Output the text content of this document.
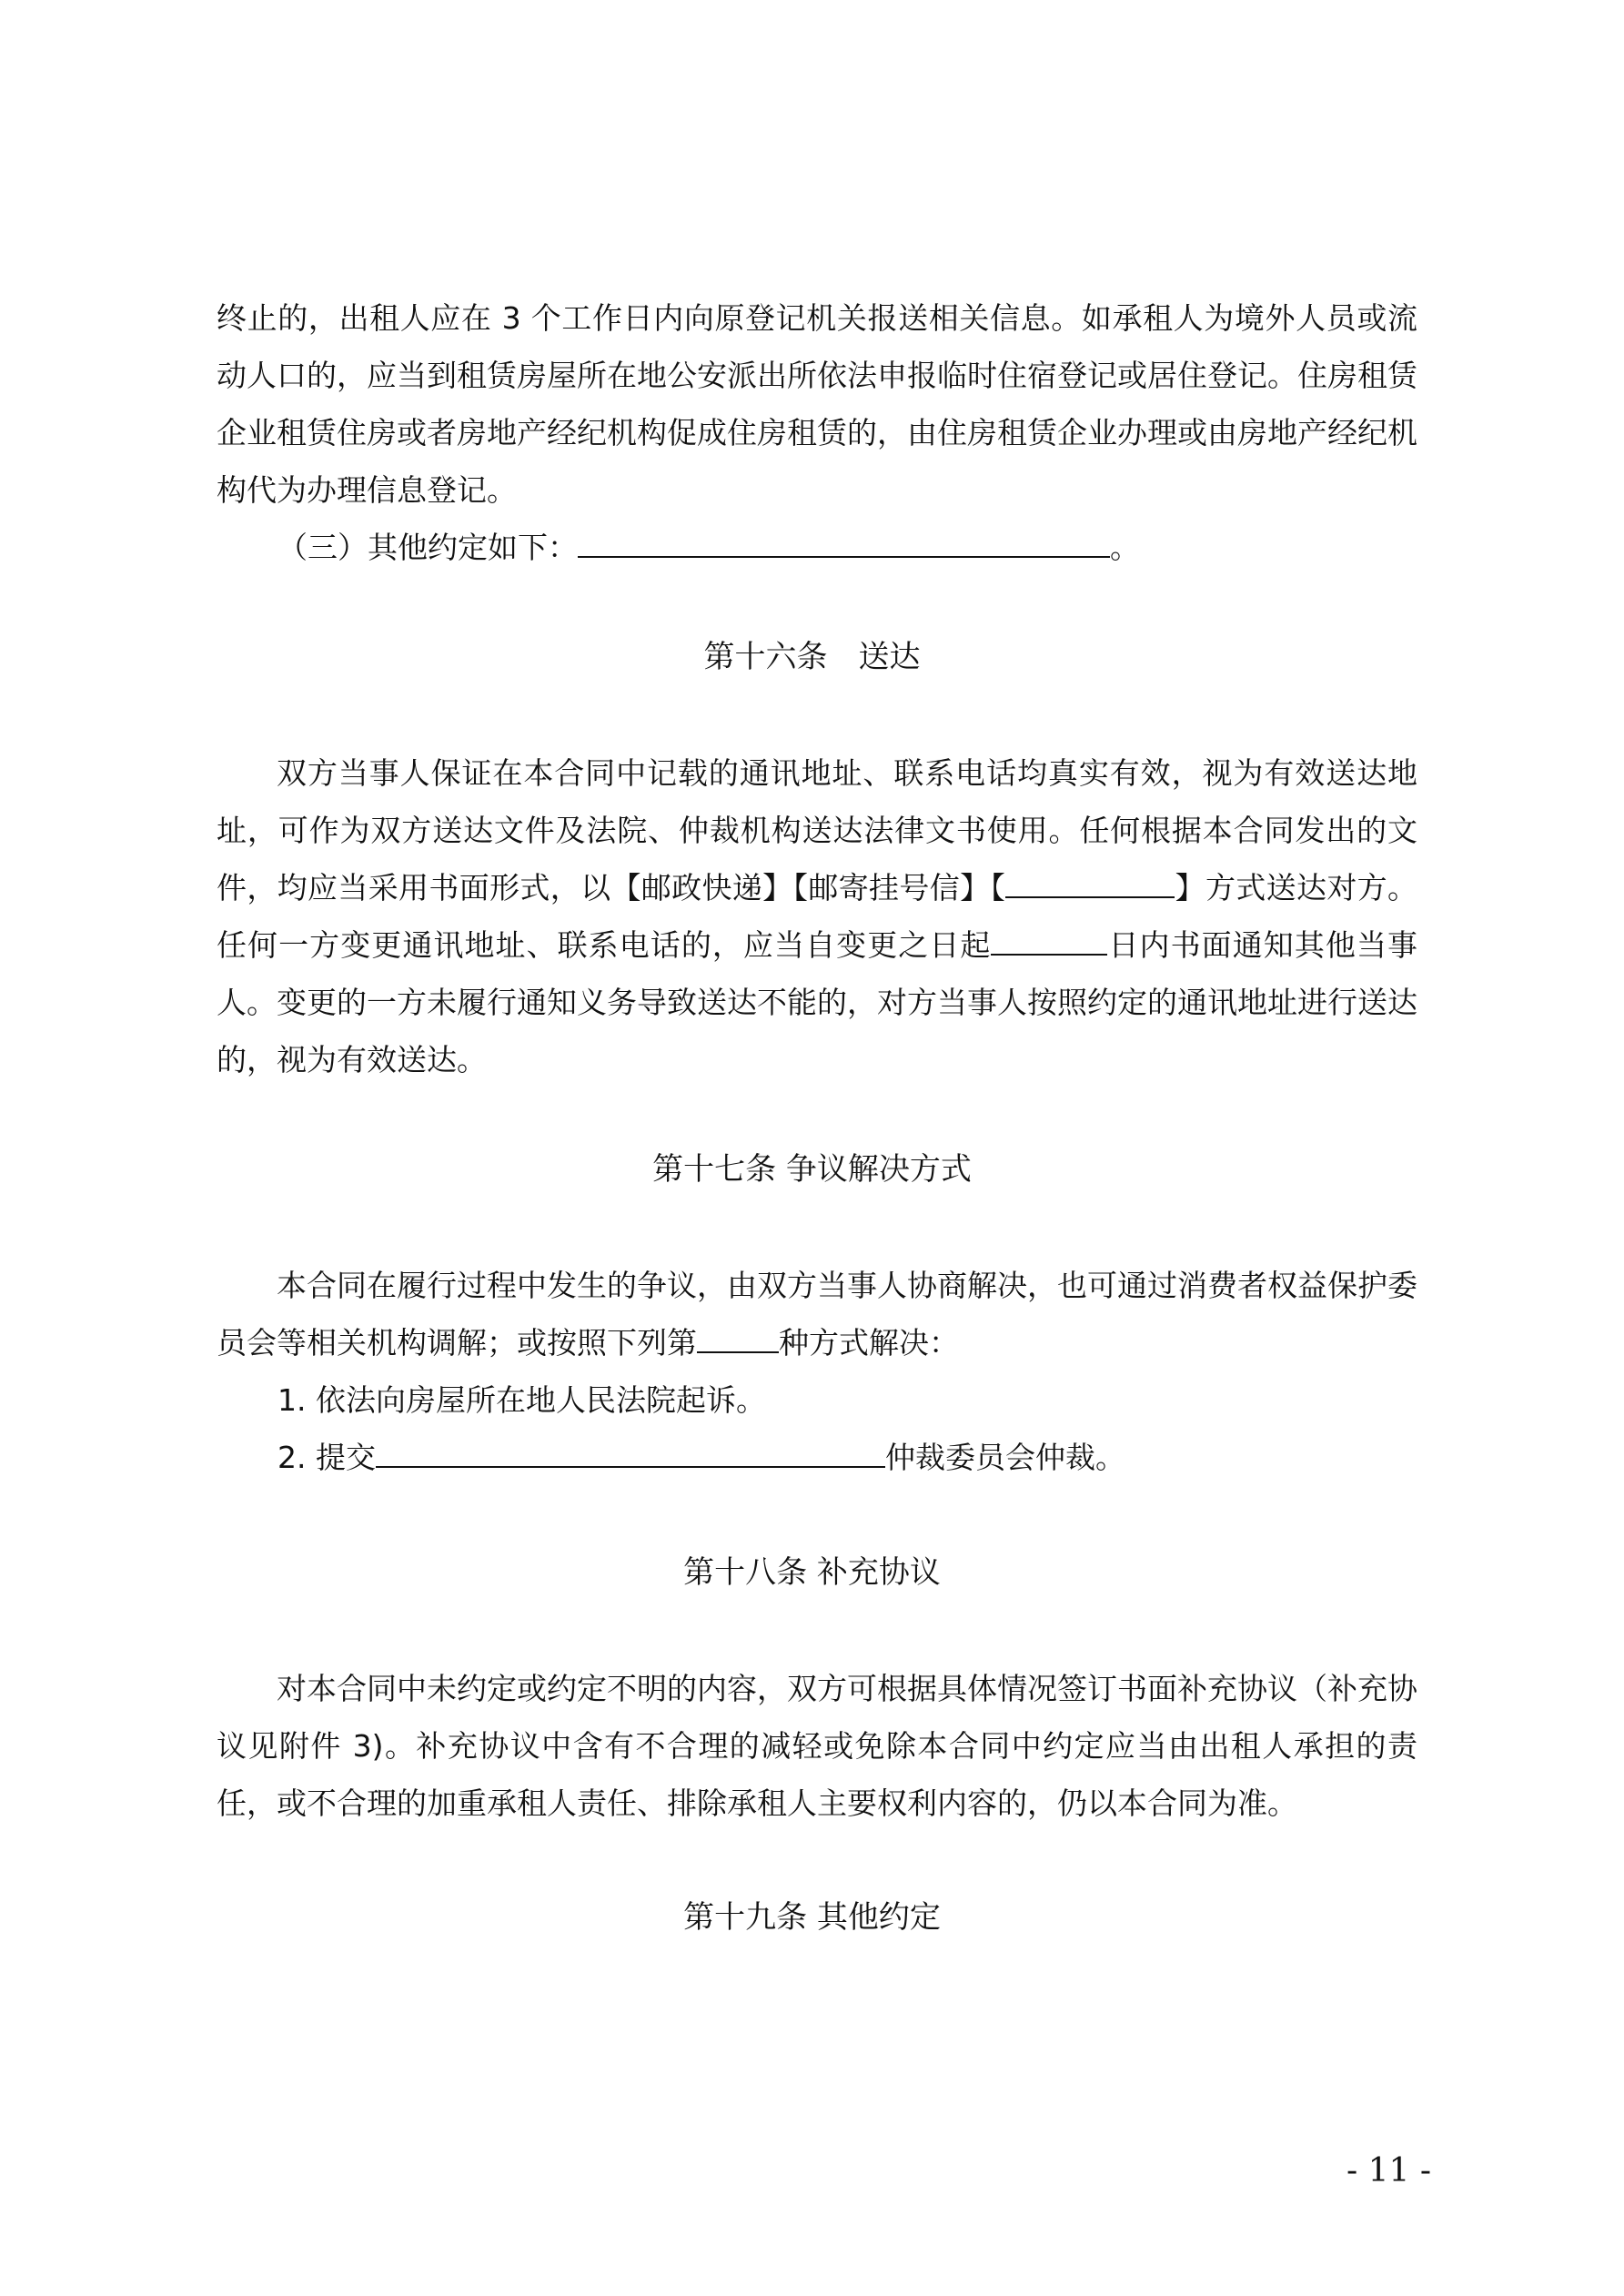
终止的，出租人应在 3 个工作日内向原登记机关报送相关信息。如承租人为境外人员或流动人口的，应当到租赁房屋所在地公安派出所依法申报临时住宿登记或居住登记。住房租赁企业租赁住房或者房地产经纪机构促成住房租赁的，由住房租赁企业办理或由房地产经纪机构代为办理信息登记。

（三）其他约定如下：	。
第十六条　送达

双方当事人保证在本合同中记载的通讯地址、联系电话均真实有效，视为有效送达地址，可作为双方送达文件及法院、仲裁机构送达法律文书使用。任何根据本合同发出的文件，均应当采用书面形式，以【邮政快递】【邮寄挂号信】【	】方式送达对方。任何一方变更通讯地址、联系电话的，应当自变更之日起	日内书面通知其他当事人。变更的一方未履行通知义务导致送达不能的，对方当事人按照约定的通讯地址进行送达的，视为有效送达。

第十七条 争议解决方式

本合同在履行过程中发生的争议，由双方当事人协商解决，也可通过消费者权益保护委员会等相关机构调解；或按照下列第	种方式解决：

1. 依法向房屋所在地人民法院起诉。
2. 提交	仲裁委员会仲裁。
第十八条 补充协议

对本合同中未约定或约定不明的内容，双方可根据具体情况签订书面补充协议（补充协议见附件 3)。补充协议中含有不合理的减轻或免除本合同中约定应当由出租人承担的责任，或不合理的加重承租人责任、排除承租人主要权利内容的，仍以本合同为准。

第十九条 其他约定
- 11 -
